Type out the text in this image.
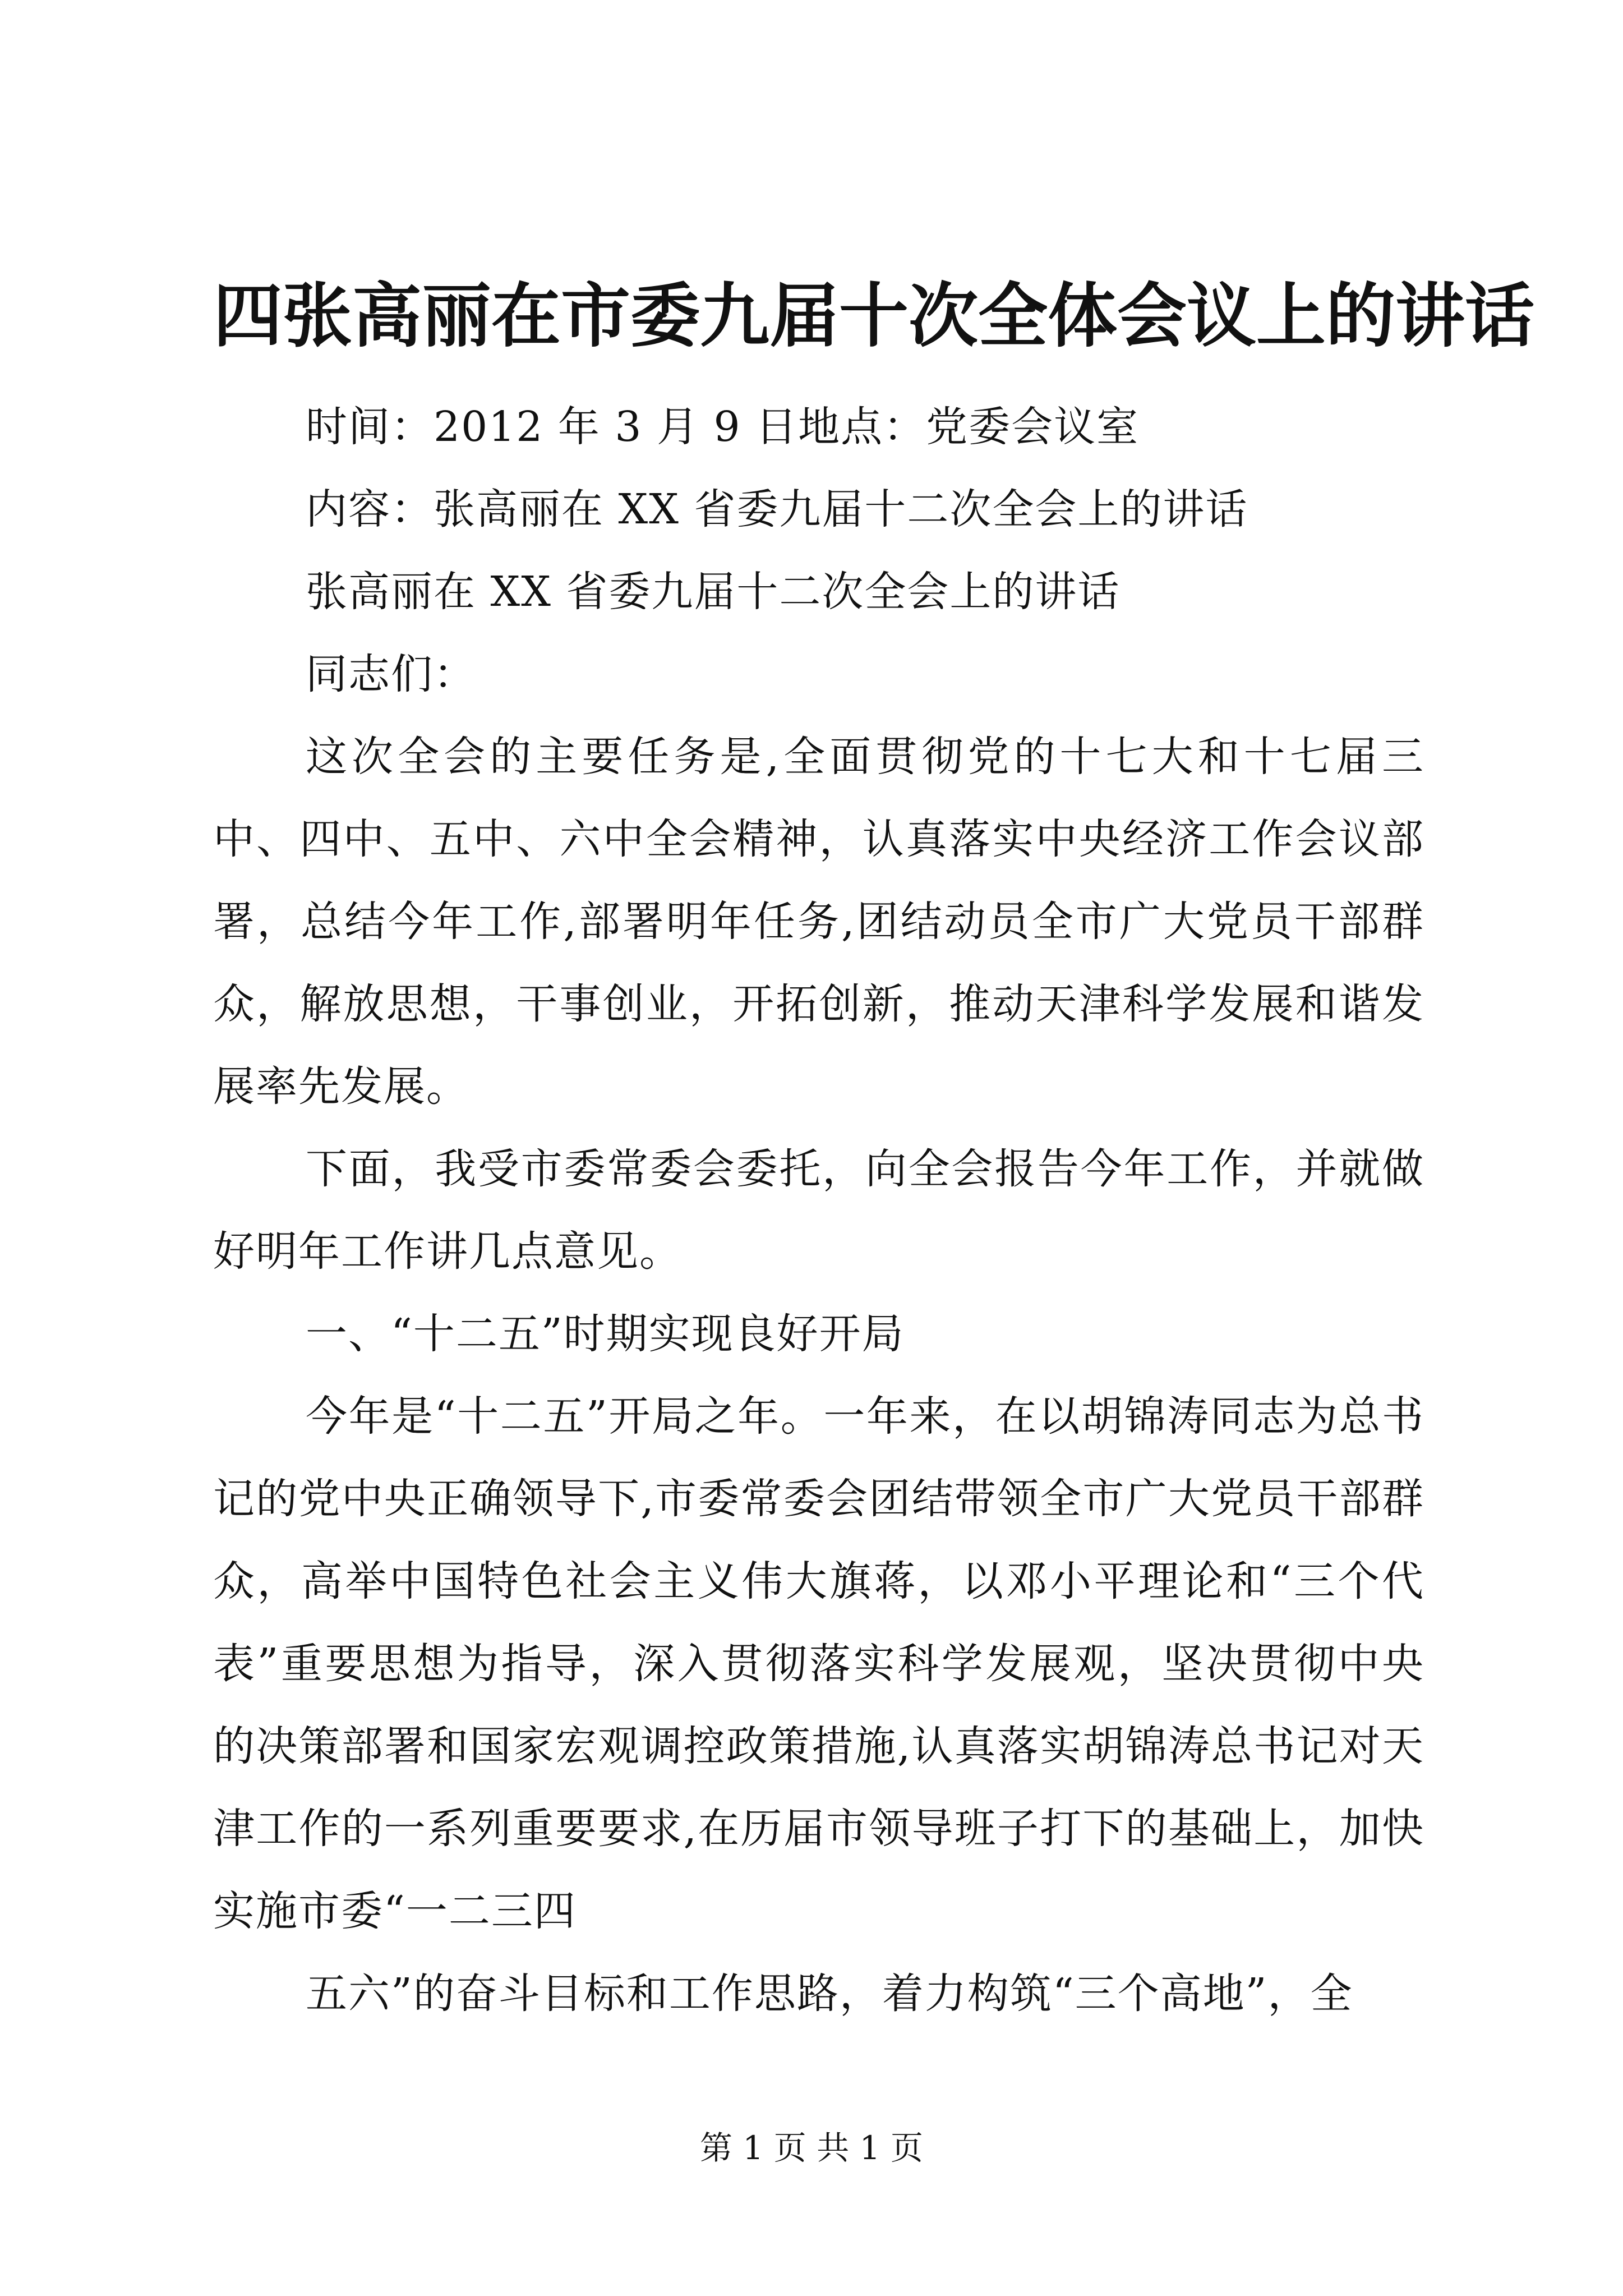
四张高丽在市委九届十次全体会议上的讲话

时间：2012 年 3 月 9 日地点：党委会议室

内容：张高丽在 XX 省委九届十二次全会上的讲话

张高丽在 XX 省委九届十二次全会上的讲话

同志们：

这次全会的主要任务是,全面贯彻党的十七大和十七届三中、四中、五中、六中全会精神，认真落实中央经济工作会议部署，总结今年工作,部署明年任务,团结动员全市广大党员干部群众，解放思想，干事创业，开拓创新，推动天津科学发展和谐发展率先发展。

下面，我受市委常委会委托，向全会报告今年工作，并就做好明年工作讲几点意见。

一、“十二五”时期实现良好开局

今年是“十二五”开局之年。一年来，在以胡锦涛同志为总书记的党中央正确领导下,市委常委会团结带领全市广大党员干部群众，高举中国特色社会主义伟大旗蒋，以邓小平理论和“三个代表”重要思想为指导，深入贯彻落实科学发展观，坚决贯彻中央的决策部署和国家宏观调控政策措施,认真落实胡锦涛总书记对天津工作的一系列重要要求,在历届市领导班子打下的基础上，加快实施市委“一二三四

五六”的奋斗目标和工作思路，着力构筑“三个高地”，全

第 1 页 共 1 页
